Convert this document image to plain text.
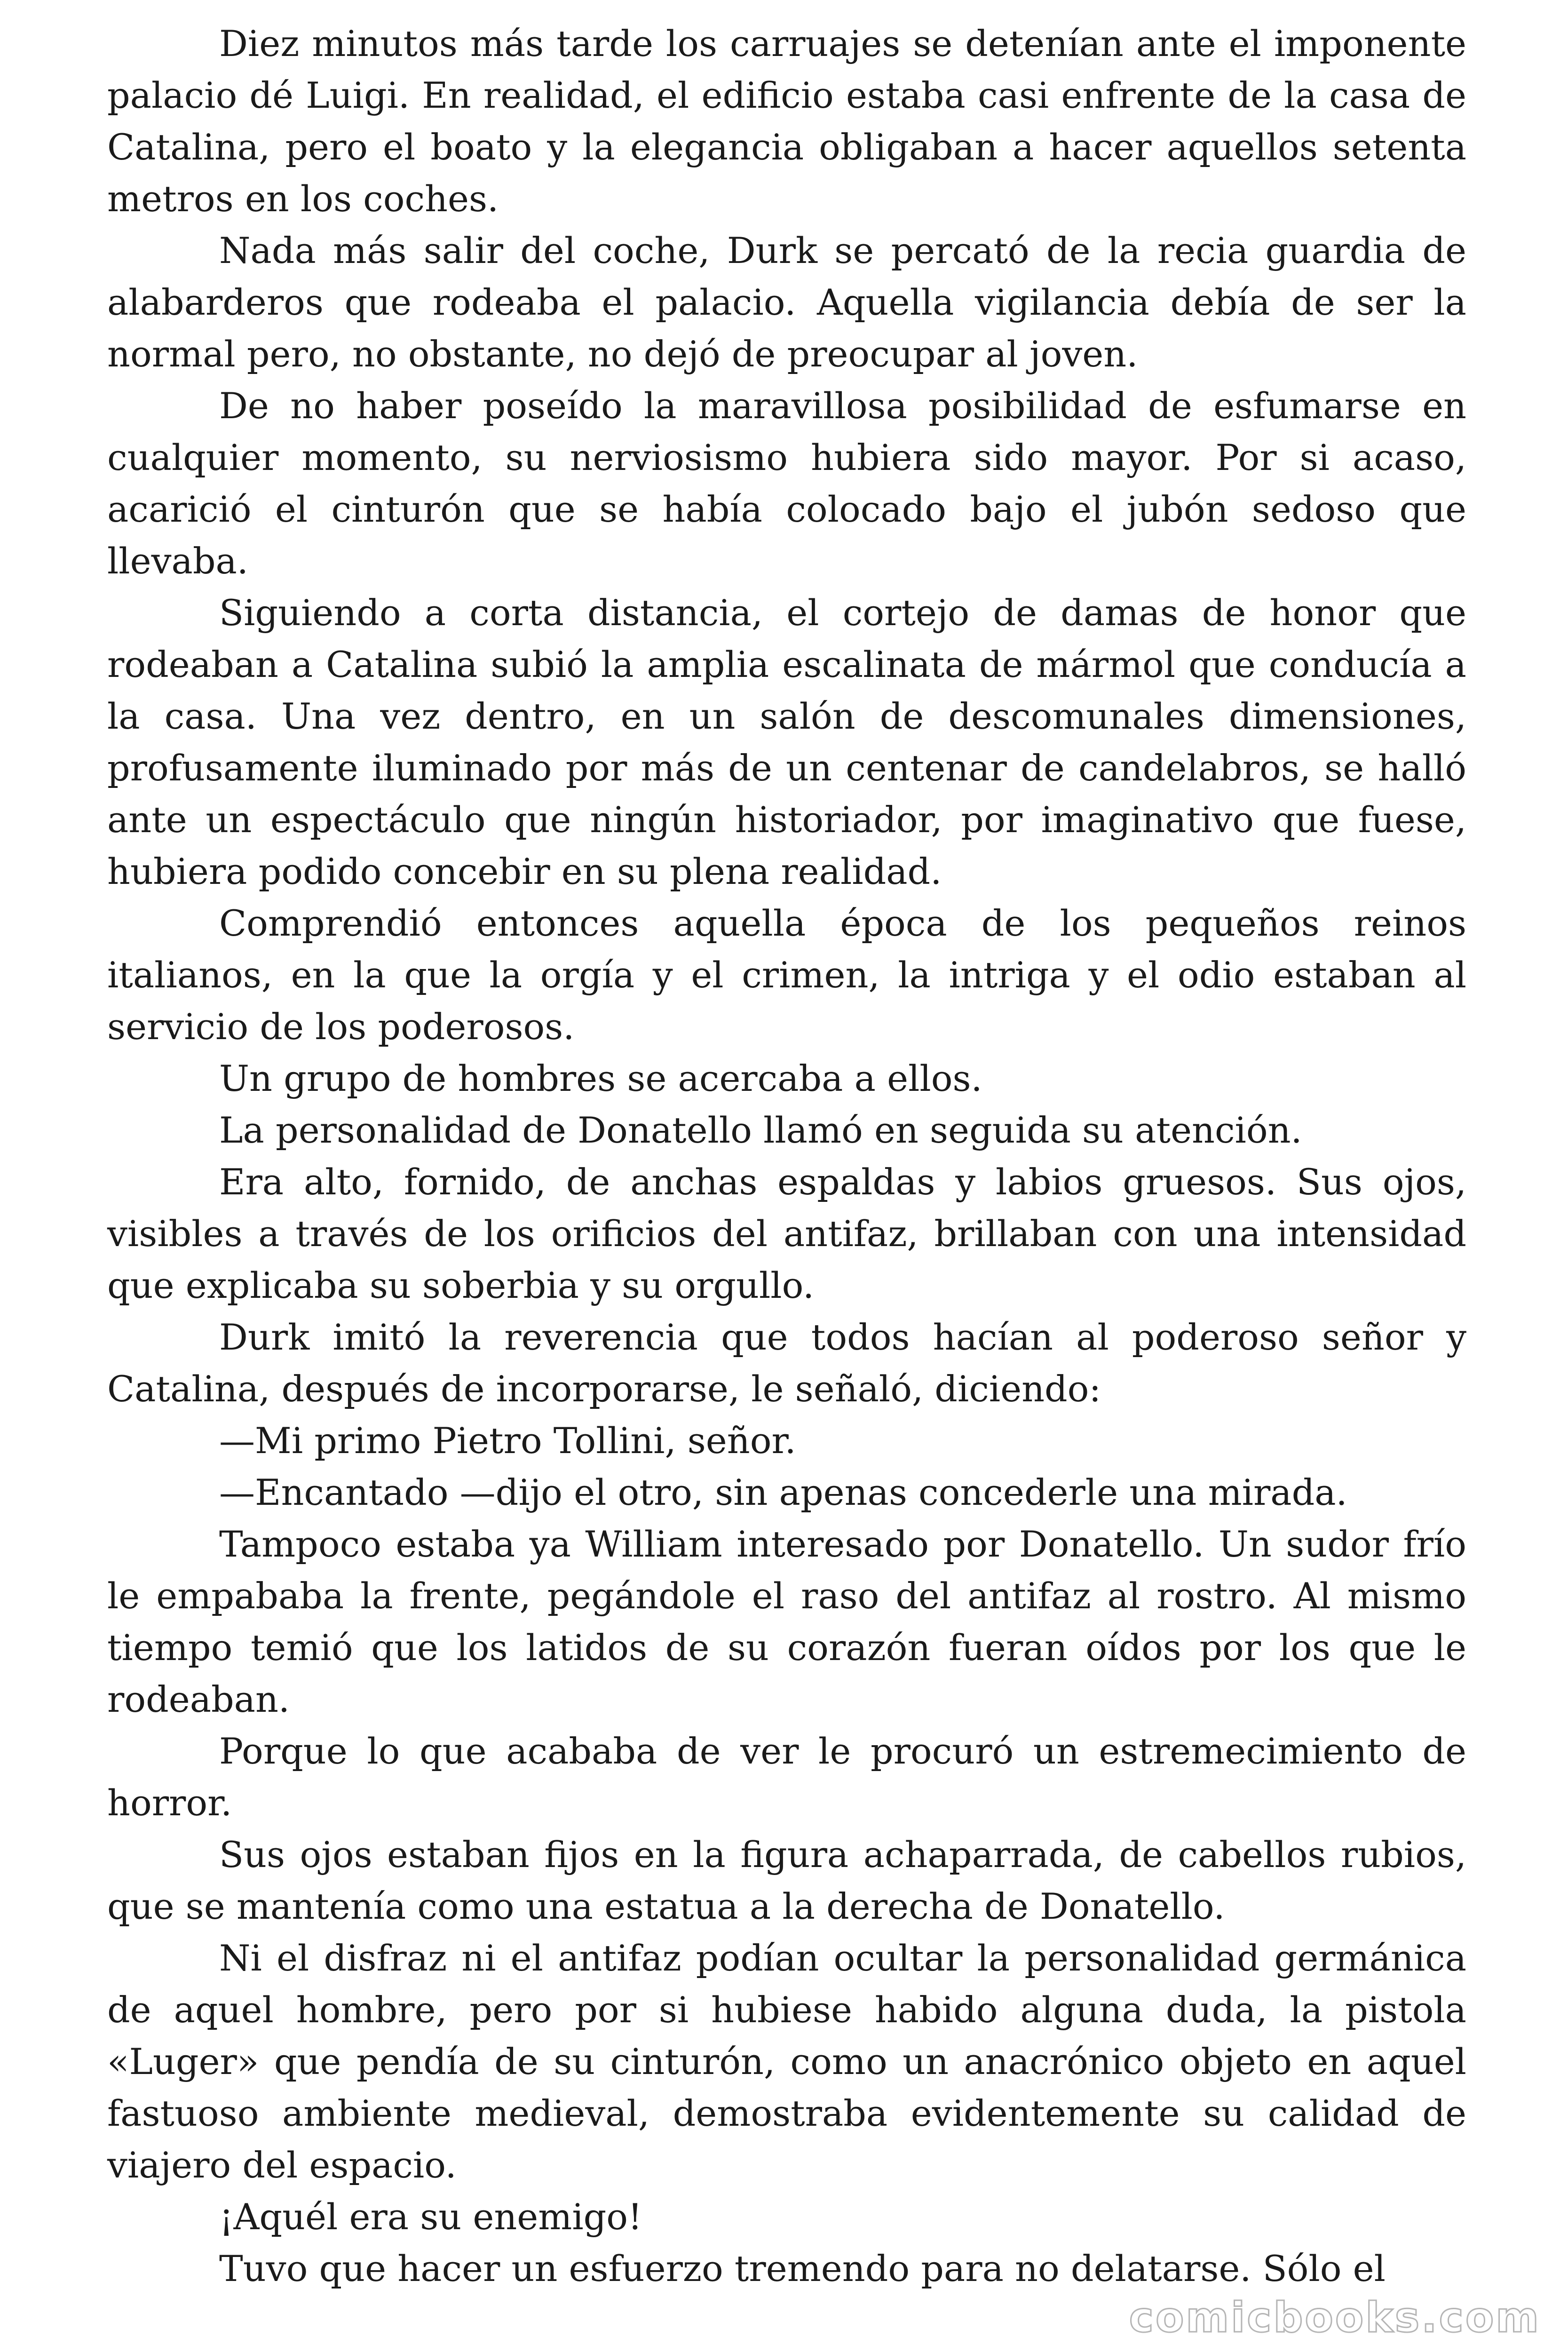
Diez minutos más tarde los carruajes se detenían ante el imponente palacio dé Luigi. En realidad, el edificio estaba casi enfrente de la casa de Catalina, pero el boato y la elegancia obligaban a hacer aquellos setenta metros en los coches.

Nada más salir del coche, Durk se percató de la recia guardia de alabarderos que rodeaba el palacio. Aquella vigilancia debía de ser la normal pero, no obstante, no dejó de preocupar al joven.

De no haber poseído la maravillosa posibilidad de esfumarse en cualquier momento, su nerviosismo hubiera sido mayor. Por si acaso, acarició el cinturón que se había colocado bajo el jubón sedoso que llevaba.

Siguiendo a corta distancia, el cortejo de damas de honor que rodeaban a Catalina subió la amplia escalinata de mármol que conducía a la casa. Una vez dentro, en un salón de descomunales dimensiones, profusamente iluminado por más de un centenar de candelabros, se halló ante un espectáculo que ningún historiador, por imaginativo que fuese, hubiera podido concebir en su plena realidad.

Comprendió entonces aquella época de los pequeños reinos italianos, en la que la orgía y el crimen, la intriga y el odio estaban al servicio de los poderosos.

Un grupo de hombres se acercaba a ellos.

La personalidad de Donatello llamó en seguida su atención.

Era alto, fornido, de anchas espaldas y labios gruesos. Sus ojos, visibles a través de los orificios del antifaz, brillaban con una intensidad que explicaba su soberbia y su orgullo.

Durk imitó la reverencia que todos hacían al poderoso señor y Catalina, después de incorporarse, le señaló, diciendo:

—Mi primo Pietro Tollini, señor.

—Encantado —dijo el otro, sin apenas concederle una mirada.

Tampoco estaba ya William interesado por Donatello. Un sudor frío le empababa la frente, pegándole el raso del antifaz al rostro. Al mismo tiempo temió que los latidos de su corazón fueran oídos por los que le rodeaban.

Porque lo que acababa de ver le procuró un estremecimiento de horror.

Sus ojos estaban fijos en la figura achaparrada, de cabellos rubios, que se mantenía como una estatua a la derecha de Donatello.

Ni el disfraz ni el antifaz podían ocultar la personalidad germánica de aquel hombre, pero por si hubiese habido alguna duda, la pistola «Luger» que pendía de su cinturón, como un anacrónico objeto en aquel fastuoso ambiente medieval, demostraba evidentemente su calidad de viajero del espacio.

¡Aquél era su enemigo!

Tuvo que hacer un esfuerzo tremendo para no delatarse. Sólo el

comicbooks.com
